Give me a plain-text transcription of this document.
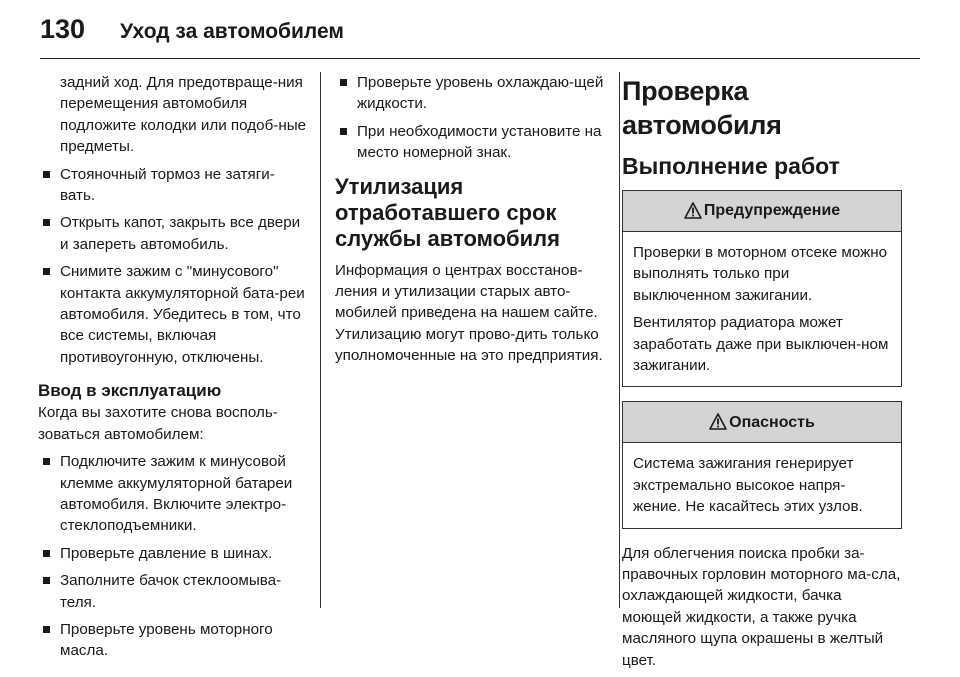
130	Уход за автомобилем

задний ход. Для предотвраще-ния перемещения автомобиля подложите колодки или подоб-ные предметы.

Стояночный тормоз не затяги-вать.
Открыть капот, закрыть все двери и запереть автомобиль.
Снимите зажим с "минусового" контакта аккумуляторной бата-реи автомобиля. Убедитесь в том, что все системы, включая противоугонную, отключены.
Ввод в эксплуатацию

Когда вы захотите снова восполь-зоваться автомобилем:

Подключите зажим к минусовой клемме аккумуляторной батареи автомобиля. Включите электро-стеклоподъемники.
Проверьте давление в шинах.
Заполните бачок стеклоомыва-теля.
Проверьте уровень моторного масла.
Проверьте уровень охлаждаю-щей жидкости.
При необходимости установите на место номерной знак.
Утилизация отработавшего срок службы автомобиля

Информация о центрах восстанов-ления и утилизации старых авто-мобилей приведена на нашем сайте. Утилизацию могут прово-дить только уполномоченные на это предприятия.

Проверка автомобиля
Выполнение работ
Предупреждение

Проверки в моторном отсеке можно выполнять только при выключенном зажигании.

Вентилятор радиатора может заработать даже при выключен-ном зажигании.

Опасность

Система зажигания генерирует экстремально высокое напря-жение. Не касайтесь этих узлов.

Для облегчения поиска пробки за-правочных горловин моторного ма-сла, охлаждающей жидкости, бачка моющей жидкости, а также ручка масляного щупа окрашены в желтый цвет.
